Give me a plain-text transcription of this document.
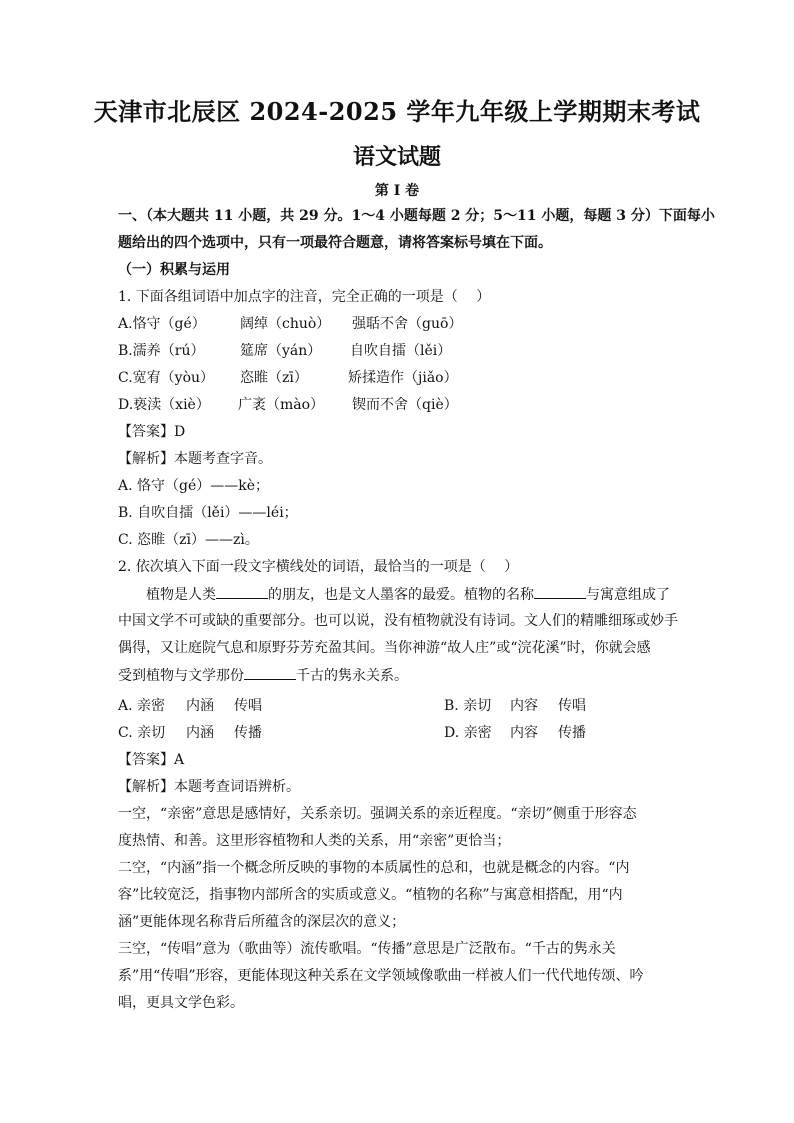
天津市北辰区 2024-2025 学年九年级上学期期末考试
语文试题
第 I 卷
一、（本大题共 11 小题，共 29 分。1～4 小题每题 2 分；5～11 小题，每题 3 分）下面每小
题给出的四个选项中，只有一项最符合题意，请将答案标号填在下面。
（一）积累与运用
1. 下面各组词语中加点字的注音，完全正确的一项是（　 ）
A.恪守（gé） 阔绰（chuò） 强聒不舍（guō）
B.濡养（rú）	筵席（yán） 自吹自擂（lěi）
C.宽宥（yòu） 恣睢（zī）	矫揉造作（jiǎo）
D.亵渎（xiè） 广袤（mào） 锲而不舍（qiè）
【答案】D
【解析】本题考查字音。
A. 恪守（gé）——kè；
B. 自吹自擂（lěi）——léi；
C. 恣睢（zī）——zì。
2. 依次填入下面一段文字横线处的词语，最恰当的一项是（　 ）
植物是人类	的朋友，也是文人墨客的最爱。植物的名称	与寓意组成了
中国文学不可或缺的重要部分。也可以说，没有植物就没有诗词。文人们的精雕细琢或妙手
偶得，又让庭院气息和原野芬芳充盈其间。当你神游“故人庄”或“浣花溪”时，你就会感
受到植物与文学那份	千古的隽永关系。
A. 亲密 内涵 传唱	B. 亲切 内容 传唱
C. 亲切 内涵 传播	D. 亲密 内容 传播
【答案】A
【解析】本题考查词语辨析。
一空，“亲密”意思是感情好，关系亲切。强调关系的亲近程度。“亲切”侧重于形容态
度热情、和善。这里形容植物和人类的关系，用“亲密”更恰当；
二空，“内涵”指一个概念所反映的事物的本质属性的总和，也就是概念的内容。“内
容”比较宽泛，指事物内部所含的实质或意义。“植物的名称”与寓意相搭配，用“内
涵”更能体现名称背后所蕴含的深层次的意义；
三空，“传唱”意为（歌曲等）流传歌唱。“传播”意思是广泛散布。“千古的隽永关
系”用“传唱”形容，更能体现这种关系在文学领域像歌曲一样被人们一代代地传颂、吟
唱，更具文学色彩。
